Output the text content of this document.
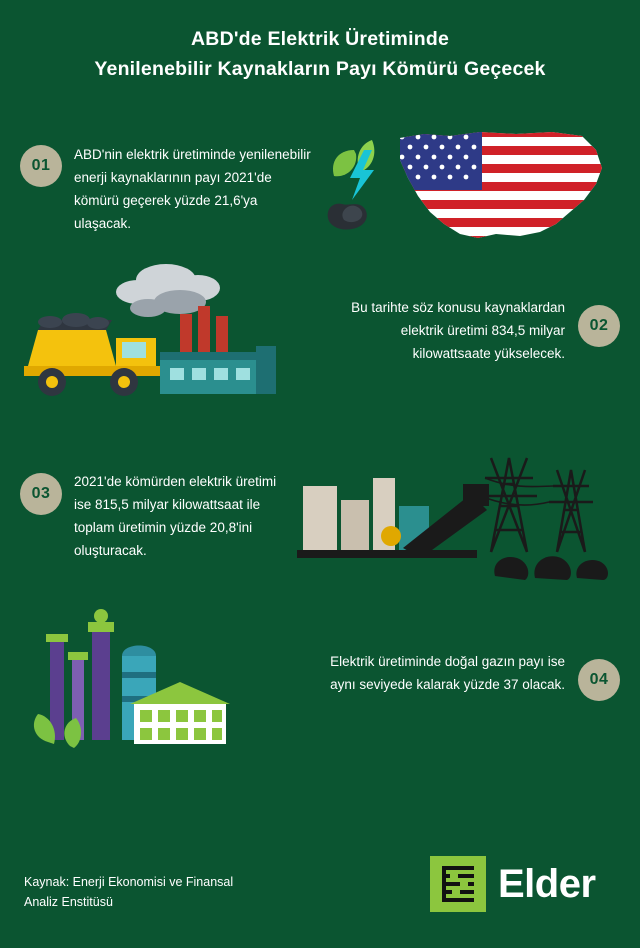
ABD'de Elektrik Üretiminde
Yenilenebilir Kaynakların Payı Kömürü Geçecek
01
ABD'nin elektrik üretiminde yenilenebilir enerji kaynaklarının payı 2021'de kömürü geçerek yüzde 21,6'ya ulaşacak.
02
Bu tarihte söz konusu kaynaklardan elektrik üretimi 834,5 milyar kilowattsaate yükselecek.
03
2021'de kömürden elektrik üretimi ise 815,5 milyar kilowattsaat ile toplam üretimin yüzde 20,8'ini oluşturacak.
04
Elektrik üretiminde doğal gazın payı ise aynı seviyede kalarak yüzde 37 olacak.
Kaynak: Enerji Ekonomisi ve Finansal
Analiz Enstitüsü	Elder
